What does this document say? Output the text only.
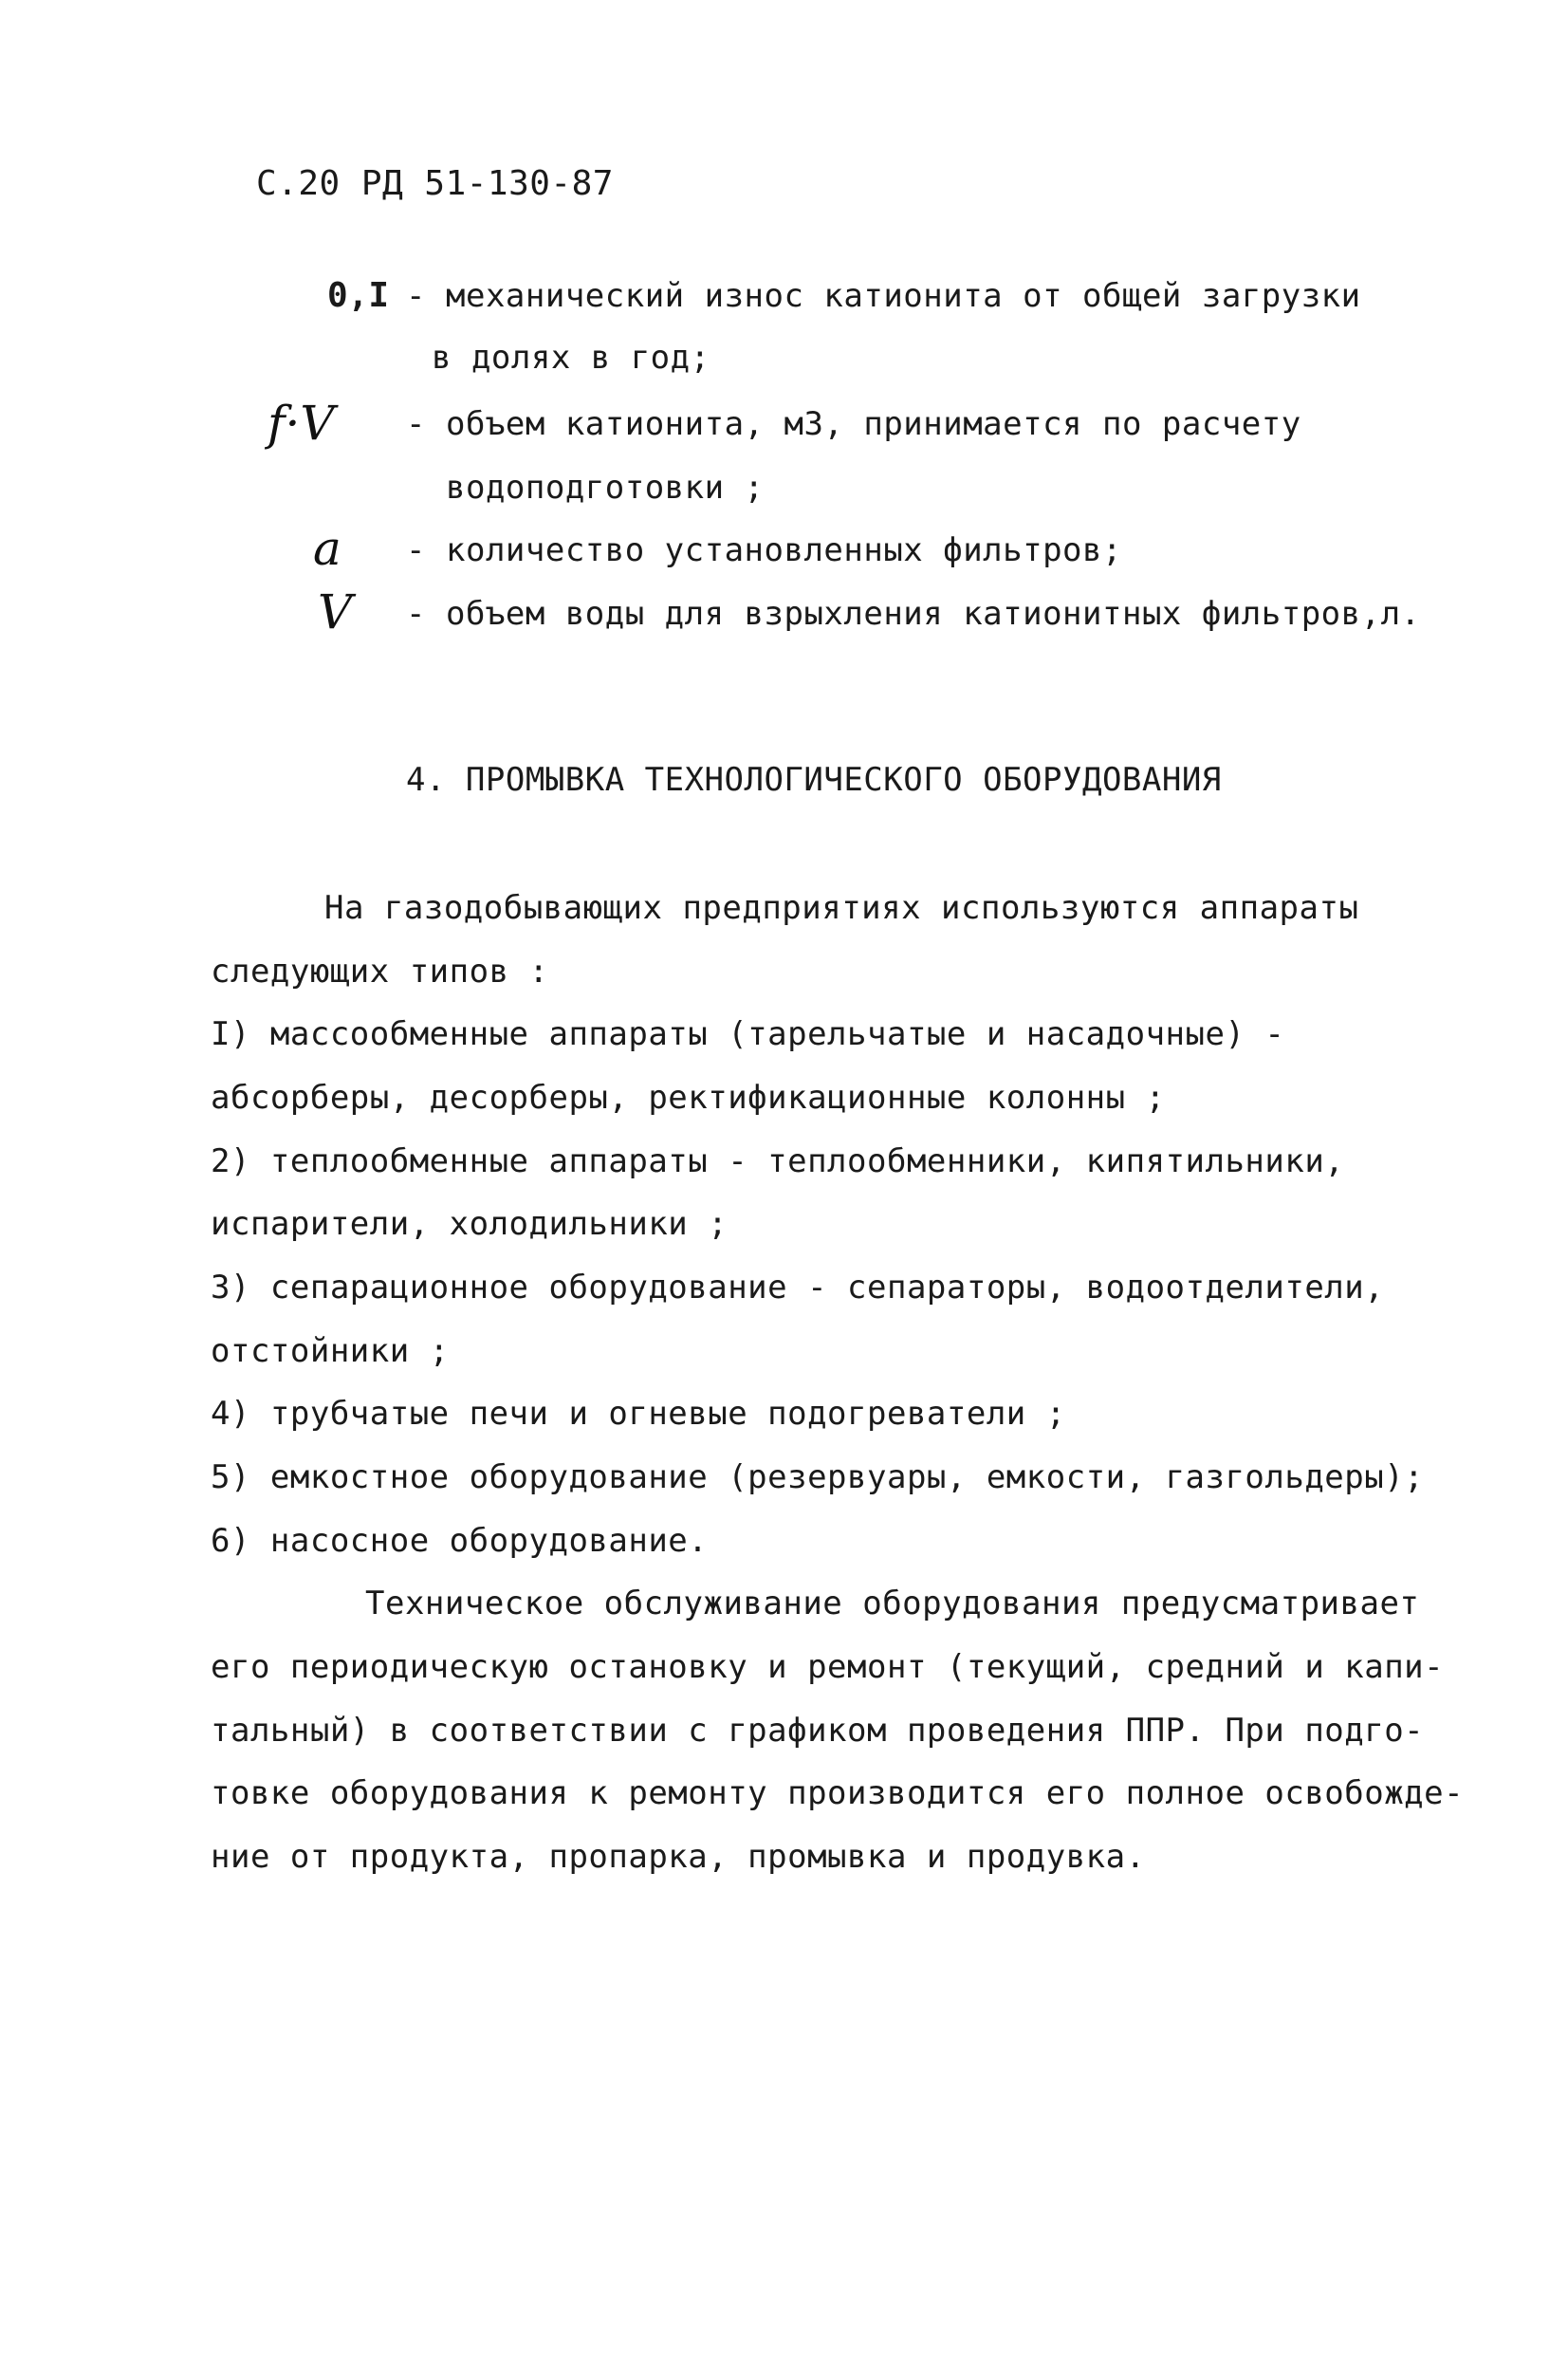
С.20 РД 51-130-87
0,I - механический износ катионита от общей загрузки
в долях в год;
f·V - объем катионита, м3, принимается по расчету
водоподготовки ;
a - количество установленных фильтров;
V - объем воды для взрыхления катионитных фильтров,л.
4. ПРОМЫВКА ТЕХНОЛОГИЧЕСКОГО ОБОРУДОВАНИЯ
На газодобывающих предприятиях используются аппараты
следующих типов :
I) массообменные аппараты (тарельчатые и насадочные) -
абсорберы, десорберы, ректификационные колонны ;
2) теплообменные аппараты - теплообменники, кипятильники,
испарители, холодильники ;
3) сепарационное оборудование - сепараторы, водоотделители,
отстойники ;
4) трубчатые печи и огневые подогреватели ;
5) емкостное оборудование (резервуары, емкости, газгольдеры);
6) насосное оборудование.
Техническое обслуживание оборудования предусматривает
его периодическую остановку и ремонт (текущий, средний и капи-
тальный) в соответствии с графиком проведения ППР. При подго-
товке оборудования к ремонту производится его полное освобожде-
ние от продукта, пропарка, промывка и продувка.
